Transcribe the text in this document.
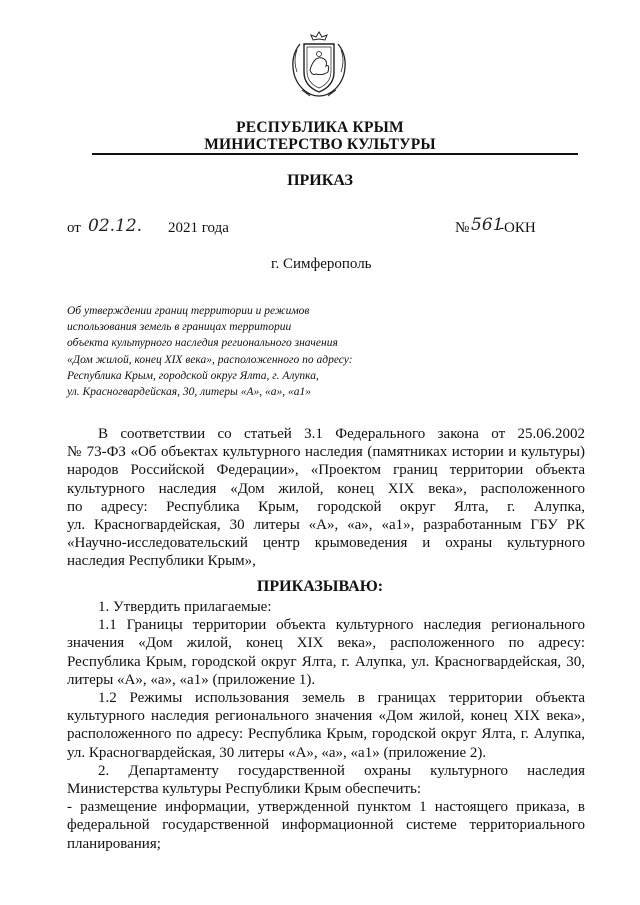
РЕСПУБЛИКА КРЫМ
МИНИСТЕРСТВО КУЛЬТУРЫ
ПРИКАЗ
от 02.12. 2021 года	№ 561
-ОКН
г. Симферополь
Об утверждении границ территории и режимов
использования земель в границах территории
объекта культурного наследия регионального значения
«Дом жилой, конец XIX века», расположенного по адресу:
Республика Крым, городской округ Ялта, г. Алупка,
ул. Красногвардейская, 30, литеры «А», «а», «а1»
В соответствии со статьей 3.1 Федерального закона от 25.06.2002
№ 73-ФЗ «Об объектах культурного наследия (памятниках истории и культуры)
народов Российской Федерации», «Проектом границ территории объекта
культурного наследия «Дом жилой, конец XIX века», расположенного
по адресу: Республика Крым, городской округ Ялта, г. Алупка,
ул. Красногвардейская, 30 литеры «А», «а», «а1», разработанным ГБУ РК
«Научно-исследовательский центр крымоведения и охраны культурного
наследия Республики Крым»,
ПРИКАЗЫВАЮ:
1. Утвердить прилагаемые:
1.1 Границы территории объекта культурного наследия регионального
значения «Дом жилой, конец XIX века», расположенного по адресу:
Республика Крым, городской округ Ялта, г. Алупка, ул. Красногвардейская, 30,
литеры «А», «а», «а1» (приложение 1).
1.2 Режимы использования земель в границах территории объекта
культурного наследия регионального значения «Дом жилой, конец XIX века»,
расположенного по адресу: Республика Крым, городской округ Ялта, г. Алупка,
ул. Красногвардейская, 30 литеры «А», «а», «а1» (приложение 2).
2. Департаменту государственной охраны культурного наследия
Министерства культуры Республики Крым обеспечить:
- размещение информации, утвержденной пунктом 1 настоящего приказа, в
федеральной государственной информационной системе территориального
планирования;
